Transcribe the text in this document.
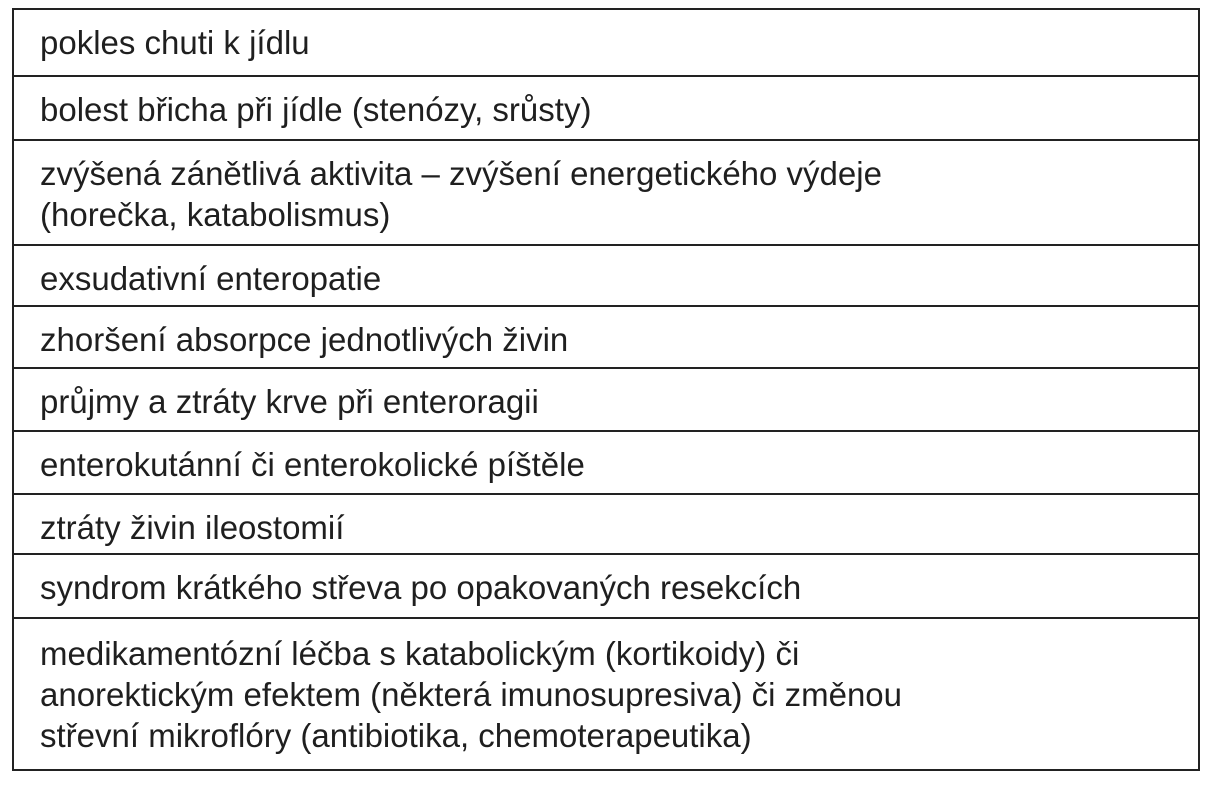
pokles chuti k jídlu
bolest břicha při jídle (stenózy, srůsty)
zvýšená zánětlivá aktivita – zvýšení energetického výdeje
(horečka, katabolismus)
exsudativní enteropatie
zhoršení absorpce jednotlivých živin
průjmy a ztráty krve při enteroragii
enterokutánní či enterokolické píštěle
ztráty živin ileostomií
syndrom krátkého střeva po opakovaných resekcích
medikamentózní léčba s katabolickým (kortikoidy) či
anorektickým efektem (některá imunosupresiva) či změnou
střevní mikroflóry (antibiotika, chemoterapeutika)
